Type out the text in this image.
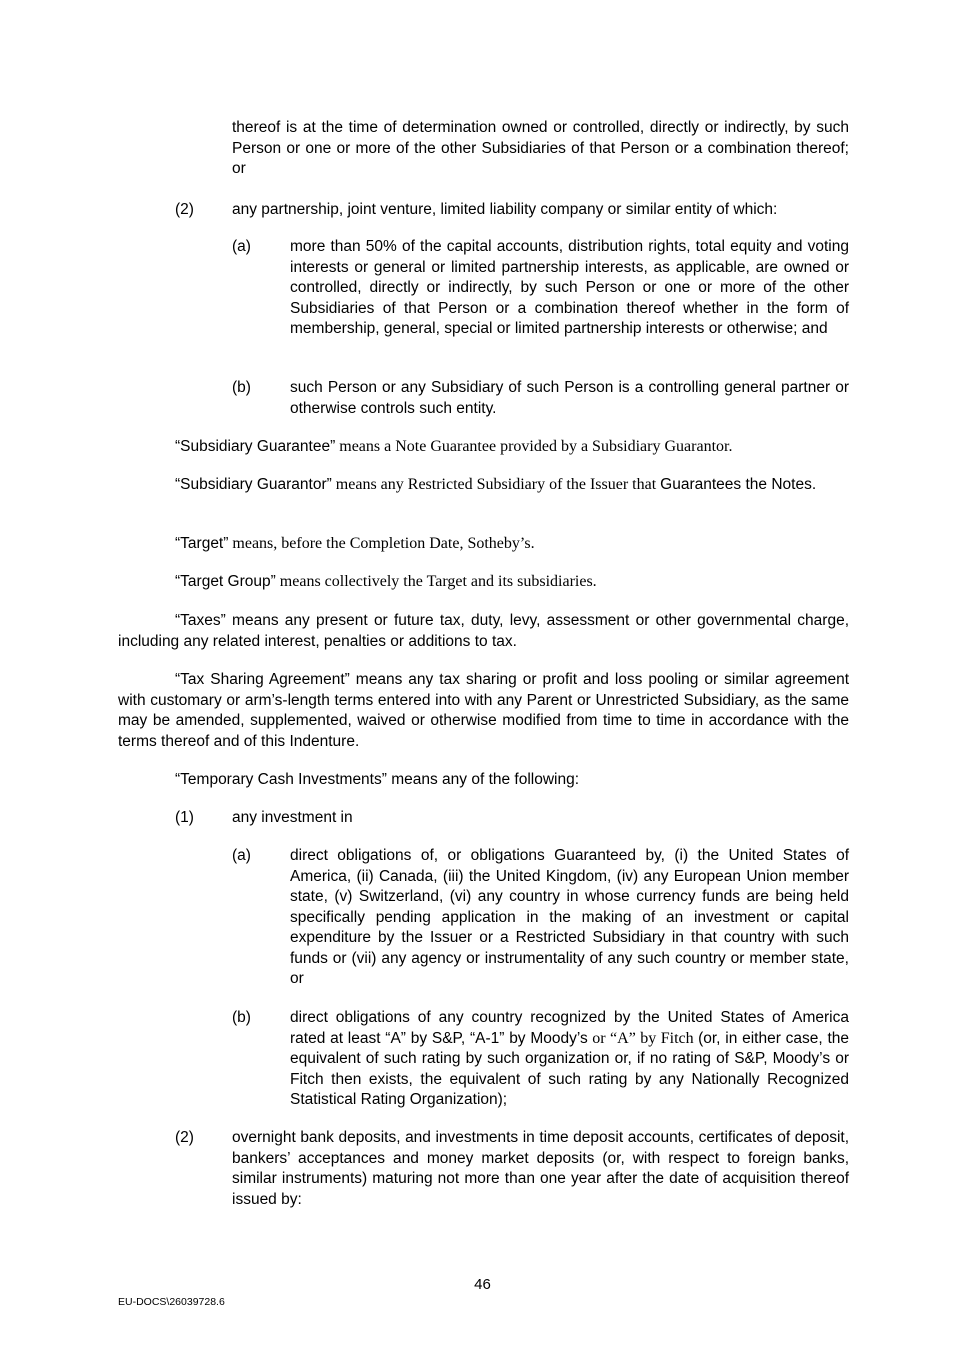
thereof is at the time of determination owned or controlled, directly or indirectly, by such Person or one or more of the other Subsidiaries of that Person or a combination thereof; or

(2) any partnership, joint venture, limited liability company or similar entity of which:

(a)	more than 50% of the capital accounts, distribution rights, total equity and voting interests or general or limited partnership interests, as applicable, are owned or controlled, directly or indirectly, by such Person or one or more of the other Subsidiaries of that Person or a combination thereof whether in the form of membership, general, special or limited partnership interests or otherwise; and

(b)	such Person or any Subsidiary of such Person is a controlling general partner or otherwise controls such entity.

“Subsidiary Guarantee” means a Note Guarantee provided by a Subsidiary Guarantor.

“Subsidiary Guarantor” means any Restricted Subsidiary of the Issuer that Guarantees the Notes.

“Target” means, before the Completion Date, Sotheby’s.

“Target Group” means collectively the Target and its subsidiaries.

“Taxes” means any present or future tax, duty, levy, assessment or other governmental charge, including any related interest, penalties or additions to tax.

“Tax Sharing Agreement” means any tax sharing or profit and loss pooling or similar agreement with customary or arm’s-length terms entered into with any Parent or Unrestricted Subsidiary, as the same may be amended, supplemented, waived or otherwise modified from time to time in accordance with the terms thereof and of this Indenture.

“Temporary Cash Investments” means any of the following:

(1) any investment in

(a)	direct obligations of, or obligations Guaranteed by, (i) the United States of America, (ii) Canada, (iii) the United Kingdom, (iv) any European Union member state, (v) Switzerland, (vi) any country in whose currency funds are being held specifically pending application in the making of an investment or capital expenditure by the Issuer or a Restricted Subsidiary in that country with such funds or (vii) any agency or instrumentality of any such country or member state, or

(b)	direct obligations of any country recognized by the United States of America rated at least “A” by S&P, “A-1” by Moody’s or “A” by Fitch (or, in either case, the equivalent of such rating by such organization or, if no rating of S&P, Moody’s or Fitch then exists, the equivalent of such rating by any Nationally Recognized Statistical Rating Organization);

(2) overnight bank deposits, and investments in time deposit accounts, certificates of deposit, bankers’ acceptances and money market deposits (or, with respect to foreign banks, similar instruments) maturing not more than one year after the date of acquisition thereof issued by:

46
EU-DOCS\26039728.6
